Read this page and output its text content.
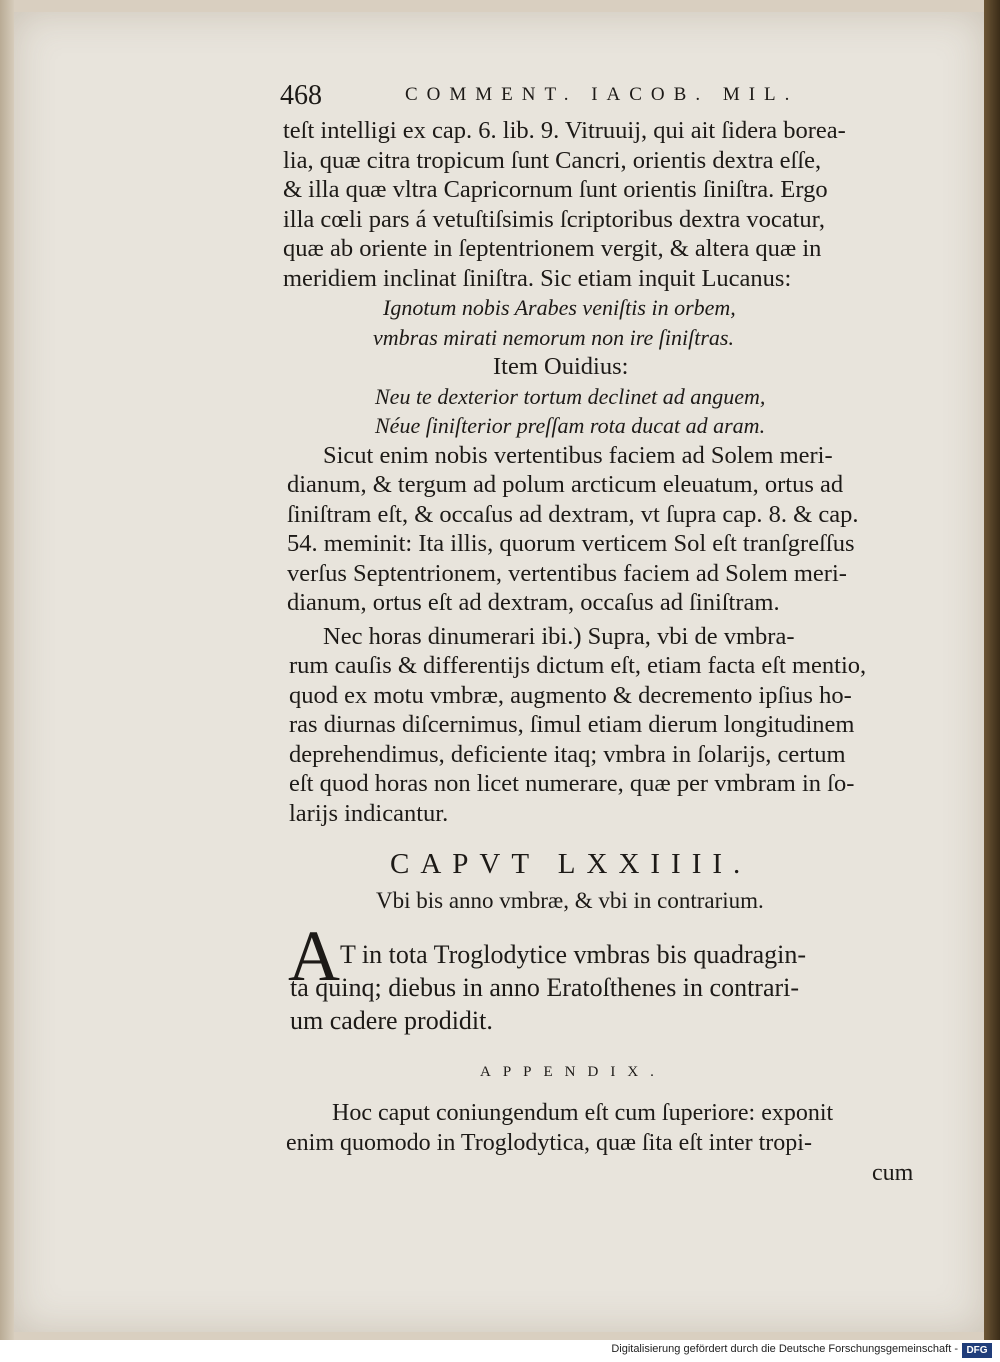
468	COMMENT. IACOB. MIL.
teſt intelligi ex cap. 6. lib. 9. Vitruuij, qui ait ſidera borea-
lia, quæ citra tropicum ſunt Cancri, orientis dextra eſſe,
& illa quæ vltra Capricornum ſunt orientis ſiniſtra. Ergo
illa cœli pars á vetuſtiſsimis ſcriptoribus dextra vocatur,
quæ ab oriente in ſeptentrionem vergit, & altera quæ in
meridiem inclinat ſiniſtra. Sic etiam inquit Lucanus:
Ignotum nobis Arabes veniſtis in orbem,
vmbras mirati nemorum non ire ſiniſtras.
Item Ouidius:
Neu te dexterior tortum declinet ad anguem,
Néue ſiniſterior preſſam rota ducat ad aram.
Sicut enim nobis vertentibus faciem ad Solem meri-
dianum, & tergum ad polum arcticum eleuatum, ortus ad
ſiniſtram eſt, & occaſus ad dextram, vt ſupra cap. 8. & cap.
54. meminit: Ita illis, quorum verticem Sol eſt tranſgreſſus
verſus Septentrionem, vertentibus faciem ad Solem meri-
dianum, ortus eſt ad dextram, occaſus ad ſiniſtram.
Nec horas dinumerari ibi.) Supra, vbi de vmbra-
rum cauſis & differentijs dictum eſt, etiam facta eſt mentio,
quod ex motu vmbræ, augmento & decremento ipſius ho-
ras diurnas diſcernimus, ſimul etiam dierum longitudinem
deprehendimus, deficiente itaq; vmbra in ſolarijs, certum
eſt quod horas non licet numerare, quæ per vmbram in ſo-
larijs indicantur.
CAPVT LXXIIII.
Vbi bis anno vmbræ, & vbi in contrarium.
A T in tota Troglodytice vmbras bis quadragin-
ta quinq; diebus in anno Eratoſthenes in contrari-
um cadere prodidit.
APPENDIX.
Hoc caput coniungendum eſt cum ſuperiore: exponit
enim quomodo in Troglodytica, quæ ſita eſt inter tropi-
cum
Digitalisierung gefördert durch die Deutsche Forschungsgemeinschaft - DFG
